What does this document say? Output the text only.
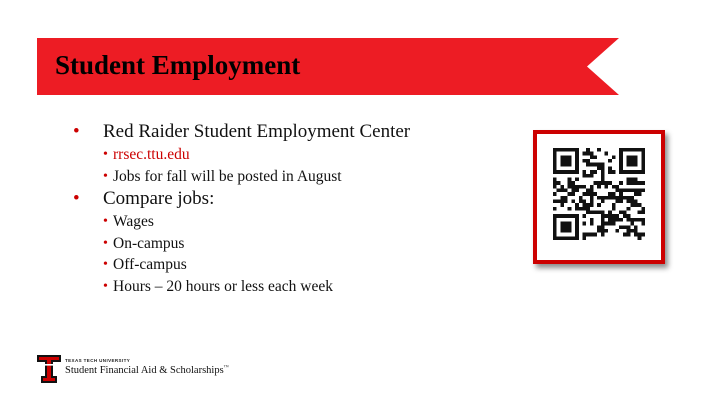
Student Employment
• Red Raider Student Employment Center
• rrsec.ttu.edu
• Jobs for fall will be posted in August
• Compare jobs:
• Wages
• On-campus
• Off-campus
• Hours – 20 hours or less each week
TEXAS TECH UNIVERSITY
Student Financial Aid & Scholarships™
